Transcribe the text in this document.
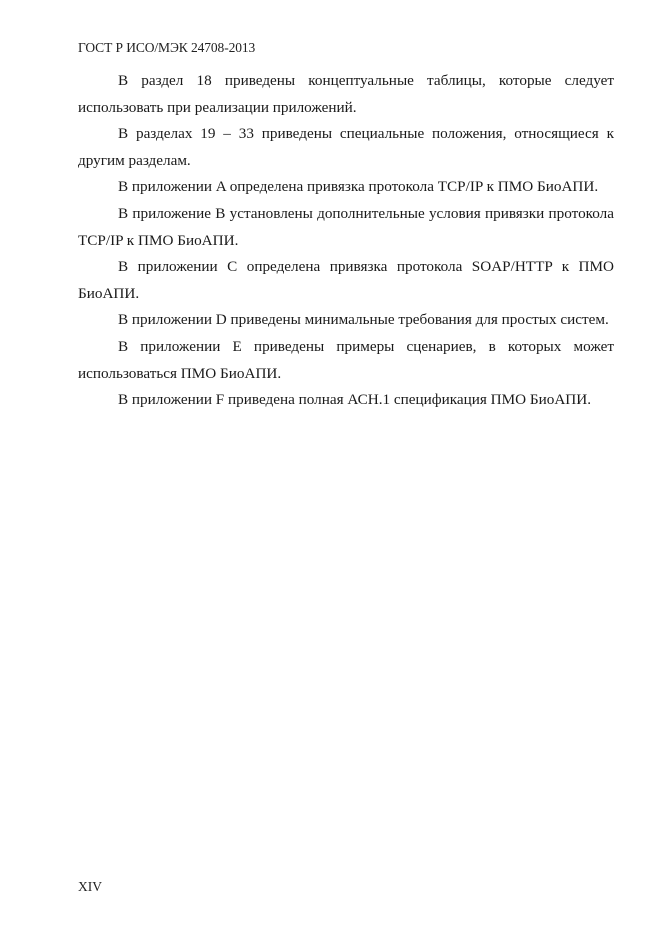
ГОСТ Р ИСО/МЭК 24708-2013

В раздел 18 приведены концептуальные таблицы, которые следует использовать при реализации приложений.

В разделах 19 – 33 приведены специальные положения, относящиеся к другим разделам.

В приложении A определена привязка протокола TCP/IP к ПМО БиоАПИ.

В приложение B установлены дополнительные условия привязки протокола TCP/IP к ПМО БиоАПИ.

В приложении C определена привязка протокола SOAP/HTTP к ПМО БиоАПИ.

В приложении D приведены минимальные требования для простых систем.

В приложении E приведены примеры сценариев, в которых может использоваться ПМО БиоАПИ.

В приложении F приведена полная АСН.1 спецификация ПМО БиоАПИ.

XIV
